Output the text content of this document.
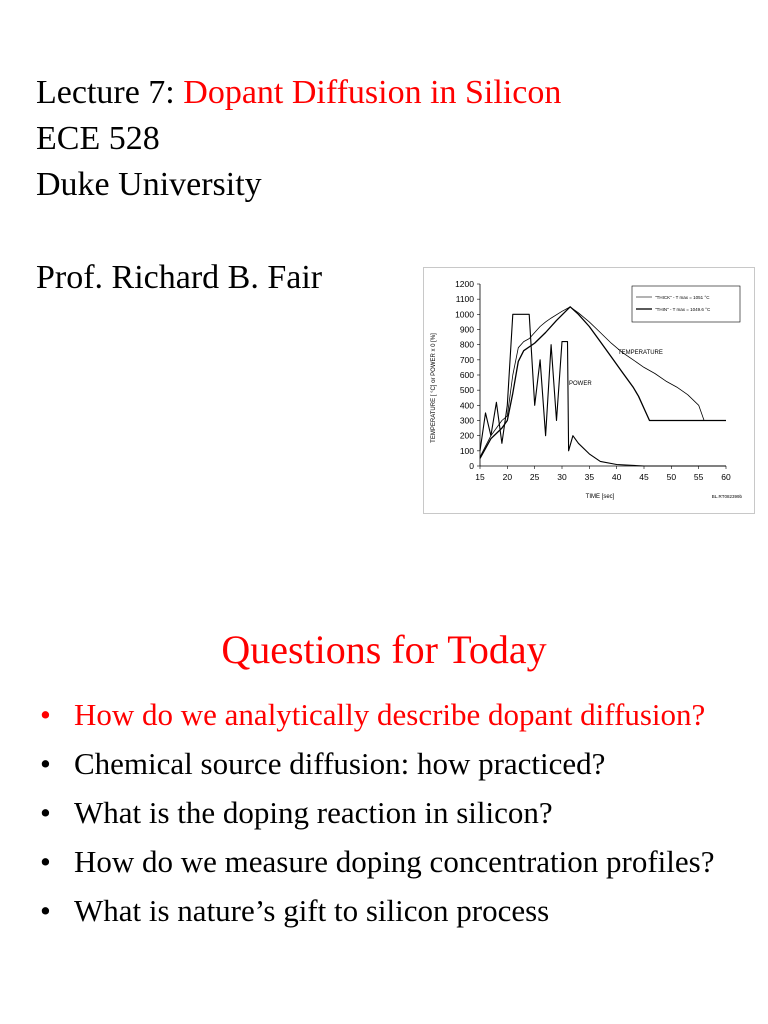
Lecture 7: Dopant Diffusion in Silicon
ECE 528
Duke University
Prof. Richard B. Fair
0
100
200
300
400
500
600
700
800
900
1000
1100
1200
15 20 25 30 35 40 45 50 55 60
TEMPERATURE [ °C] or POWER x 0 [%]
TIME [sec]	BL.RT082399b
TEMPERATURE
POWER
"THICK" - T max = 1051 °C
"THIN" - T max = 1049.6 °C
Questions for Today
• How do we analytically describe dopant diffusion?
• Chemical source diffusion: how practiced?
• What is the doping reaction in silicon?
• How do we measure doping concentration profiles?
• What is nature’s gift to silicon process
